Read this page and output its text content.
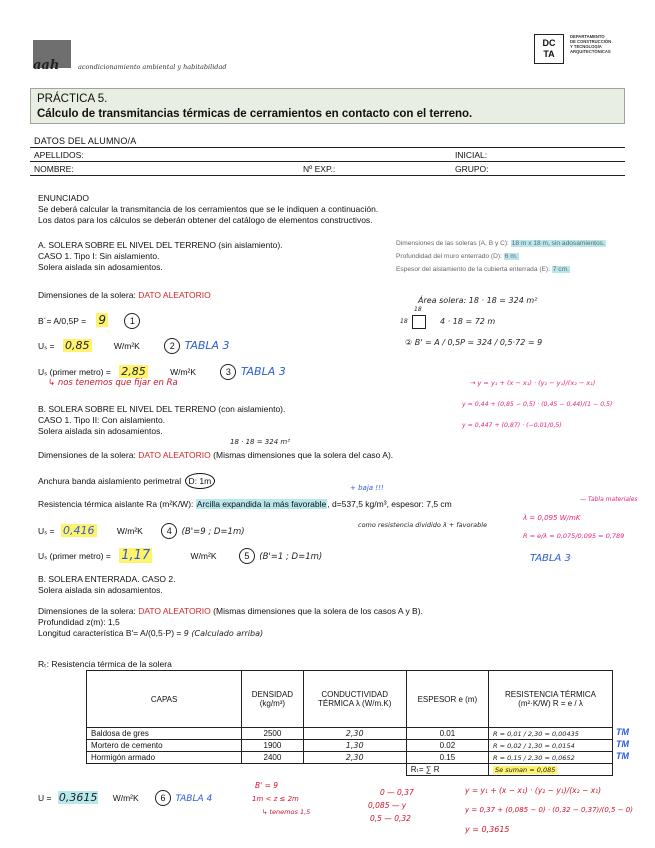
aah	acondicionamiento ambiental y habitabilidad
DC
TA
DEPARTAMENTO
DE CONSTRUCCIÓN
Y TECNOLOGÍA
ARQUITECTÓNICAS
PRÁCTICA 5.
Cálculo de transmitancias térmicas de cerramientos en contacto con el terreno.
DATOS DEL ALUMNO/A
APELLIDOS:	INICIAL:
NOMBRE:	Nº EXP.:	GRUPO:
ENUNCIADO
Se deberá calcular la transmitancia de los cerramientos que se le indiquen a continuación.
Los datos para los cálculos se deberán obtener del catálogo de elementos constructivos.
Dimensiones de las soleras (A, B y C): 18 m x 18 m, sin adosamientos.
Profundidad del muro enterrado (D): 6 m.
Espesor del aislamiento de la cubierta enterrada (E): 7 cm.
A. SOLERA SOBRE EL NIVEL DEL TERRENO (sin aislamiento).
CASO 1. Tipo I: Sin aislamiento.
Solera aislada sin adosamientos.
Dimensiones de la solera: DATO ALEATORIO
B´= A/0,5P = 9	1
Uₛ = 0,85	W/m²K	2 TABLA 3
Uₛ (primer metro) = 2,85	W/m²K	3 TABLA 3
↳ nos tenemos que fijar en Ra
Área solera: 18 · 18 = 324 m²
18
18	4 · 18 = 72 m
② B' = A / 0,5P = 324 / 0,5·72 = 9
→ y = y₁ + (x − x₁) · (y₂ − y₁)/(x₂ − x₁)
y = 0,44 + (0,85 − 0,5) · (0,45 − 0,44)/(1 − 0,5)
y = 0,447 + (0,87) · (−0,01/0,5)
B. SOLERA SOBRE EL NIVEL DEL TERRENO (con aislamiento).
CASO 1. Tipo II: Con aislamiento.
Solera aislada sin adosamientos.
18 · 18 = 324 m²
Dimensiones de la solera: DATO ALEATORIO (Mismas dimensiones que la solera del caso A).
Anchura banda aislamiento perimetral D: 1m
+ baja !!!
Resistencia térmica aislante Ra (m²K/W): Arcilla expandida la más favorable, d=537,5 kg/m³, espesor: 7,5 cm
como resistencia dividido λ + favorable
— Tabla materiales
λ = 0,095 W/mK
R = e/λ = 0,075/0,095 = 0,789
TABLA 3
Uₛ = 0,416	W/m²K	4 (B'=9 ; D=1m)
Uₛ (primer metro) = 1,17	W/m²K	5 (B'=1 ; D=1m)
B. SOLERA ENTERRADA. CASO 2.
Solera aislada sin adosamientos.
Dimensiones de la solera: DATO ALEATORIO (Mismas dimensiones que la solera de los casos A y B).
Profundidad z(m): 1,5
Longitud característica B'= A/(0,5·P) = 9 (Calculado arriba)
Rₜ: Resistencia térmica de la solera
CAPAS	DENSIDAD (kg/m³)	CONDUCTIVIDAD TÉRMICA λ (W/m.K)	ESPESOR e (m)	RESISTENCIA TÉRMICA (m²·K/W) R = e / λ
Baldosa de gres	2500	2,30	0.01	R = 0,01 / 2,30 = 0,00435
Mortero de cemento	1900	1,30	0.02	R = 0,02 / 1,30 = 0,0154
Hormigón armado	2400	2,30	0.15	R = 0,15 / 2,30 = 0,0652
			Rₜ= ∑ R	Se suman = 0,085
TM
TM
TM
U = 0,3615 W/m²K 6 TABLA 4
B' = 9
1m < z ≤ 2m
↳ tenemos 1,5
0 — 0,37
0,085 — y
0,5 — 0,32
y = y₁ + (x − x₁) · (y₂ − y₁)/(x₂ − x₁)
y = 0,37 + (0,085 − 0) · (0,32 − 0,37)/(0,5 − 0)
y = 0,3615
